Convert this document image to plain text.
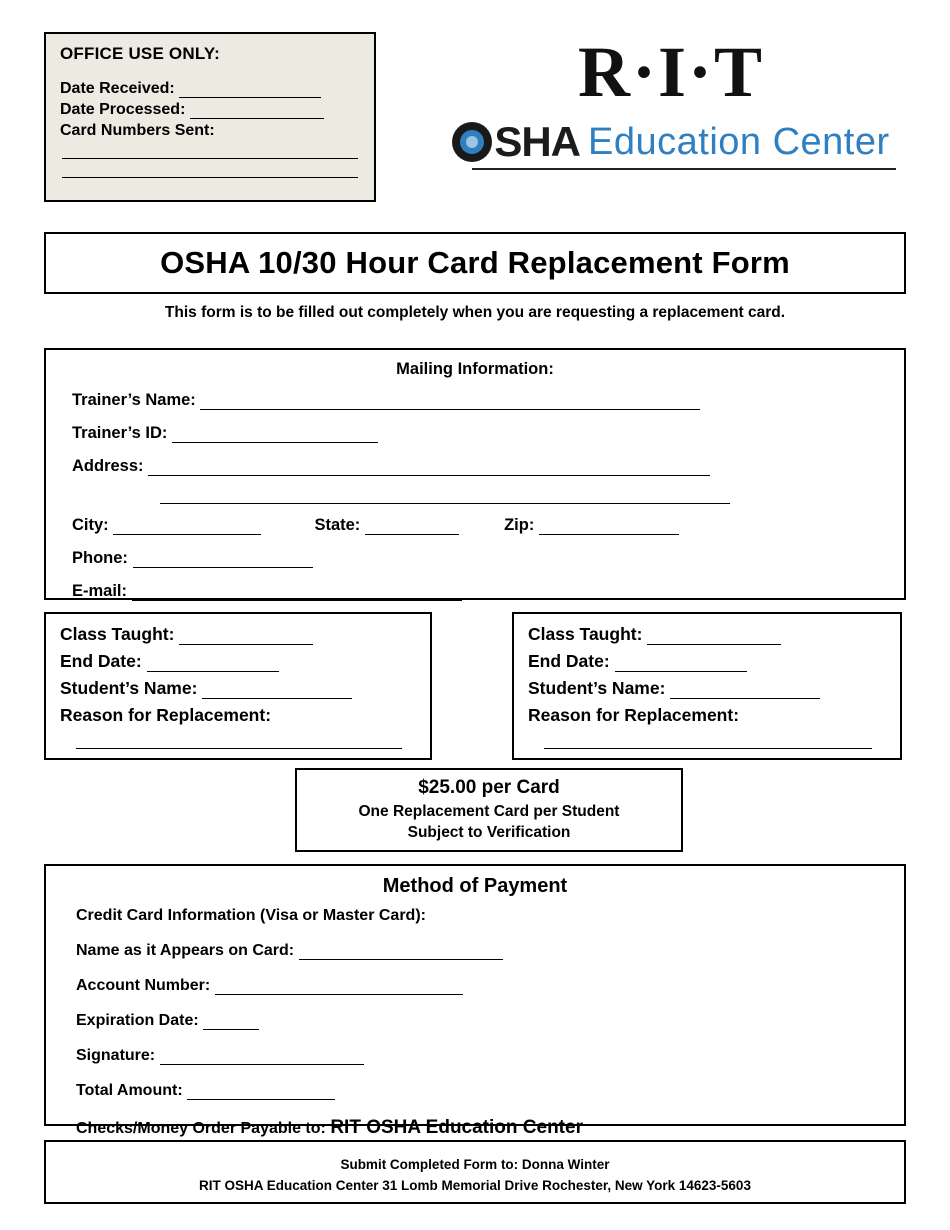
OFFICE USE ONLY:
Date Received:
Date Processed:
Card Numbers Sent:
R·I·T
SHA Education Center
OSHA 10/30 Hour Card Replacement Form
This form is to be filled out completely when you are requesting a replacement card.
Mailing Information:
Trainer’s Name:
Trainer’s ID:
Address:
City:	State:	Zip:
Phone:
E-mail:
Class Taught:
End Date:
Student’s Name:
Reason for Replacement:
Class Taught:
End Date:
Student’s Name:
Reason for Replacement:
$25.00 per Card
One Replacement Card per Student
Subject to Verification
Method of Payment
Credit Card Information (Visa or Master Card):
Name as it Appears on Card:
Account Number:
Expiration Date:
Signature:
Total Amount:
Checks/Money Order Payable to: RIT OSHA Education Center
Submit Completed Form to: Donna Winter
RIT OSHA Education Center 31 Lomb Memorial Drive Rochester, New York 14623-5603
